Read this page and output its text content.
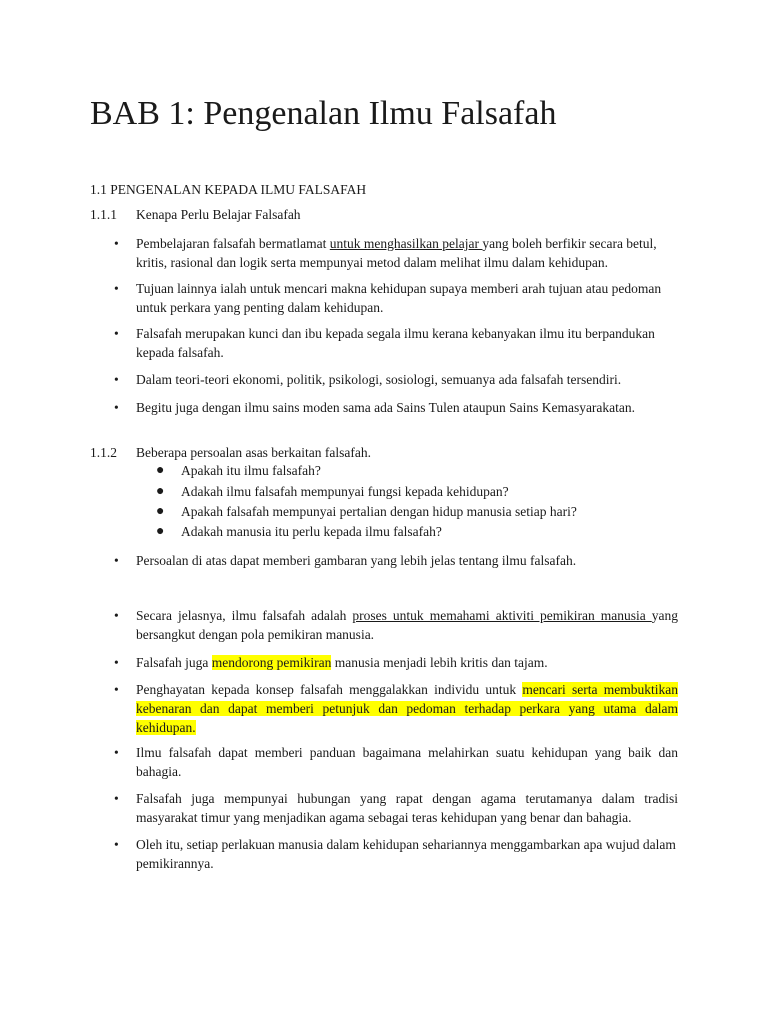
BAB 1: Pengenalan Ilmu Falsafah
1.1 PENGENALAN KEPADA ILMU FALSAFAH
1.1.1 Kenapa Perlu Belajar Falsafah
•	Pembelajaran falsafah bermatlamat untuk menghasilkan pelajar yang boleh berfikir secara betul, kritis, rasional dan logik serta mempunyai metod dalam melihat ilmu dalam kehidupan.
•	Tujuan lainnya ialah untuk mencari makna kehidupan supaya memberi arah tujuan atau pedoman untuk perkara yang penting dalam kehidupan.
•	Falsafah merupakan kunci dan ibu kepada segala ilmu kerana kebanyakan ilmu itu berpandukan kepada falsafah.
•	Dalam teori-teori ekonomi, politik, psikologi, sosiologi, semuanya ada falsafah tersendiri.
•	Begitu juga dengan ilmu sains moden sama ada Sains Tulen ataupun Sains Kemasyarakatan.
1.1.2 Beberapa persoalan asas berkaitan falsafah.
● Apakah itu ilmu falsafah?
● Adakah ilmu falsafah mempunyai fungsi kepada kehidupan?
● Apakah falsafah mempunyai pertalian dengan hidup manusia setiap hari?
● Adakah manusia itu perlu kepada ilmu falsafah?
•	Persoalan di atas dapat memberi gambaran yang lebih jelas tentang ilmu falsafah.
•	Secara jelasnya, ilmu falsafah adalah proses untuk memahami aktiviti pemikiran manusia yang bersangkut dengan pola pemikiran manusia.
•	Falsafah juga mendorong pemikiran manusia menjadi lebih kritis dan tajam.
•	Penghayatan kepada konsep falsafah menggalakkan individu untuk mencari serta membuktikan kebenaran dan dapat memberi petunjuk dan pedoman terhadap perkara yang utama dalam kehidupan.
•	Ilmu falsafah dapat memberi panduan bagaimana melahirkan suatu kehidupan yang baik dan bahagia.
•	Falsafah juga mempunyai hubungan yang rapat dengan agama terutamanya dalam tradisi masyarakat timur yang menjadikan agama sebagai teras kehidupan yang benar dan bahagia.
•	Oleh itu, setiap perlakuan manusia dalam kehidupan sehariannya menggambarkan apa wujud dalam pemikirannya.
